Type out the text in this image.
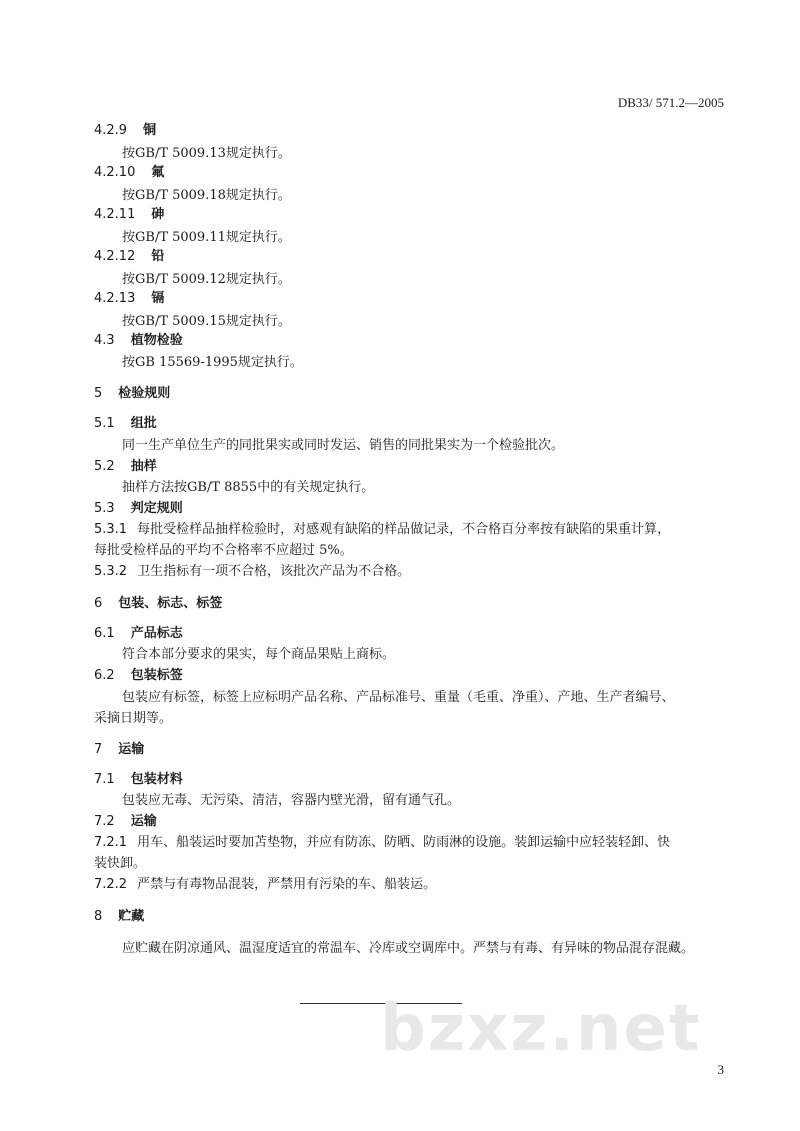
DB33/ 571.2—2005
4.2.9 铜
按GB/T 5009.13规定执行。
4.2.10 氟
按GB/T 5009.18规定执行。
4.2.11 砷
按GB/T 5009.11规定执行。
4.2.12 铅
按GB/T 5009.12规定执行。
4.2.13 镉
按GB/T 5009.15规定执行。
4.3 植物检验
按GB 15569-1995规定执行。
5 检验规则
5.1 组批
同一生产单位生产的同批果实或同时发运、销售的同批果实为一个检验批次。
5.2 抽样
抽样方法按GB/T 8855中的有关规定执行。
5.3 判定规则
5.3.1 每批受检样品抽样检验时，对感观有缺陷的样品做记录，不合格百分率按有缺陷的果重计算，
每批受检样品的平均不合格率不应超过 5%。
5.3.2 卫生指标有一项不合格，该批次产品为不合格。
6 包装、标志、标签
6.1 产品标志
符合本部分要求的果实，每个商品果贴上商标。
6.2 包装标签
包装应有标签，标签上应标明产品名称、产品标准号、重量（毛重、净重）、产地、生产者编号、
采摘日期等。
7 运输
7.1 包装材料
包装应无毒、无污染、清洁，容器内壁光滑，留有通气孔。
7.2 运输
7.2.1 用车、船装运时要加苫垫物，并应有防冻、防晒、防雨淋的设施。装卸运输中应轻装轻卸、快
装快卸。
7.2.2 严禁与有毒物品混装，严禁用有污染的车、船装运。
8 贮藏
应贮藏在阴凉通风、温湿度适宜的常温车、冷库或空调库中。严禁与有毒、有异味的物品混存混藏。
bzxz.net
3
